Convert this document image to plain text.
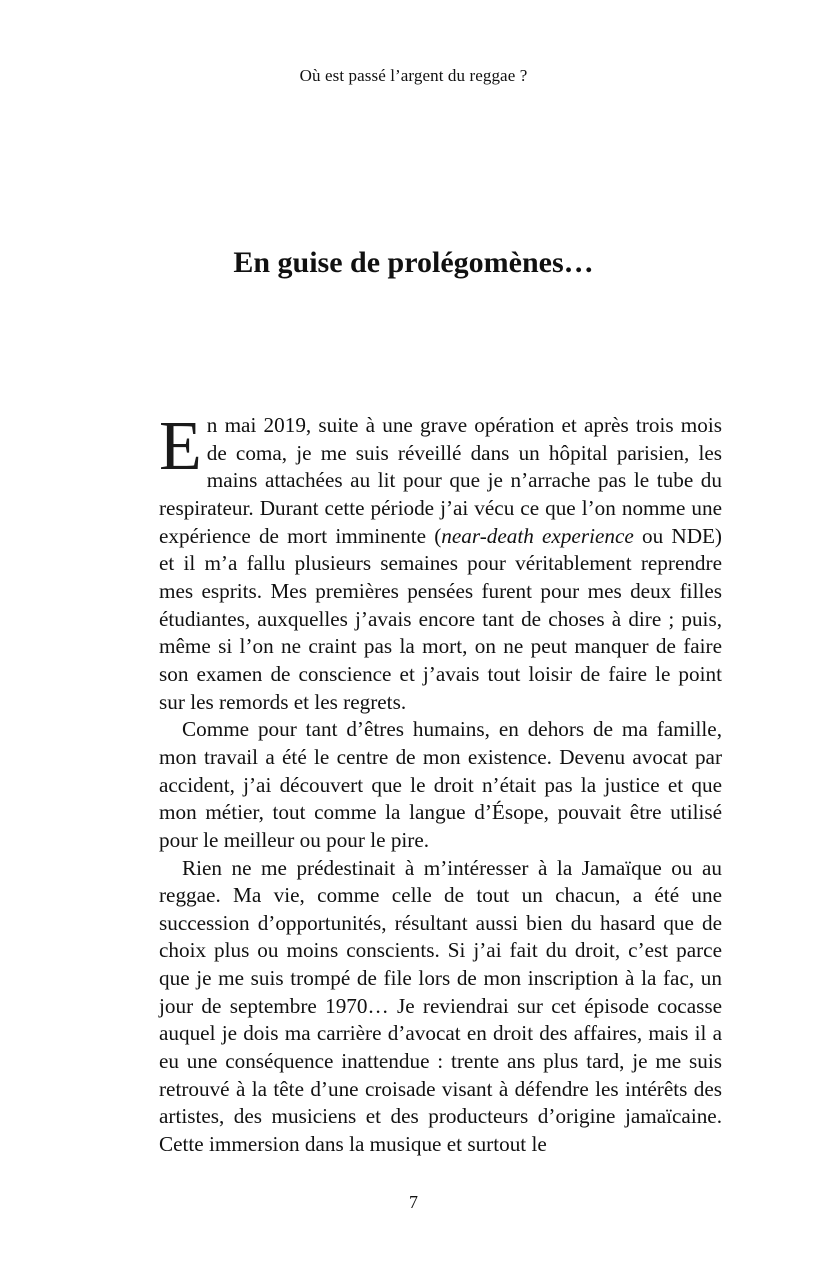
Où est passé l’argent du reggae ?
En guise de prolégomènes…

En mai 2019, suite à une grave opération et après trois mois de coma, je me suis réveillé dans un hôpital parisien, les mains attachées au lit pour que je n’arrache pas le tube du respirateur. Durant cette période j’ai vécu ce que l’on nomme une expérience de mort imminente (near-death experience ou NDE) et il m’a fallu plusieurs semaines pour véritablement reprendre mes esprits. Mes premières pensées furent pour mes deux filles étudiantes, auxquelles j’avais encore tant de choses à dire ; puis, même si l’on ne craint pas la mort, on ne peut manquer de faire son examen de conscience et j’avais tout loisir de faire le point sur les remords et les regrets.

Comme pour tant d’êtres humains, en dehors de ma famille, mon travail a été le centre de mon existence. Devenu avocat par accident, j’ai découvert que le droit n’était pas la justice et que mon métier, tout comme la langue d’Ésope, pouvait être utilisé pour le meilleur ou pour le pire.

Rien ne me prédestinait à m’intéresser à la Jamaïque ou au reggae. Ma vie, comme celle de tout un chacun, a été une succession d’opportunités, résultant aussi bien du hasard que de choix plus ou moins conscients. Si j’ai fait du droit, c’est parce que je me suis trompé de file lors de mon inscription à la fac, un jour de septembre 1970… Je reviendrai sur cet épisode cocasse auquel je dois ma carrière d’avocat en droit des affaires, mais il a eu une conséquence inattendue : trente ans plus tard, je me suis retrouvé à la tête d’une croisade visant à défendre les intérêts des artistes, des musiciens et des producteurs d’origine jamaïcaine. Cette immersion dans la musique et surtout le

7
